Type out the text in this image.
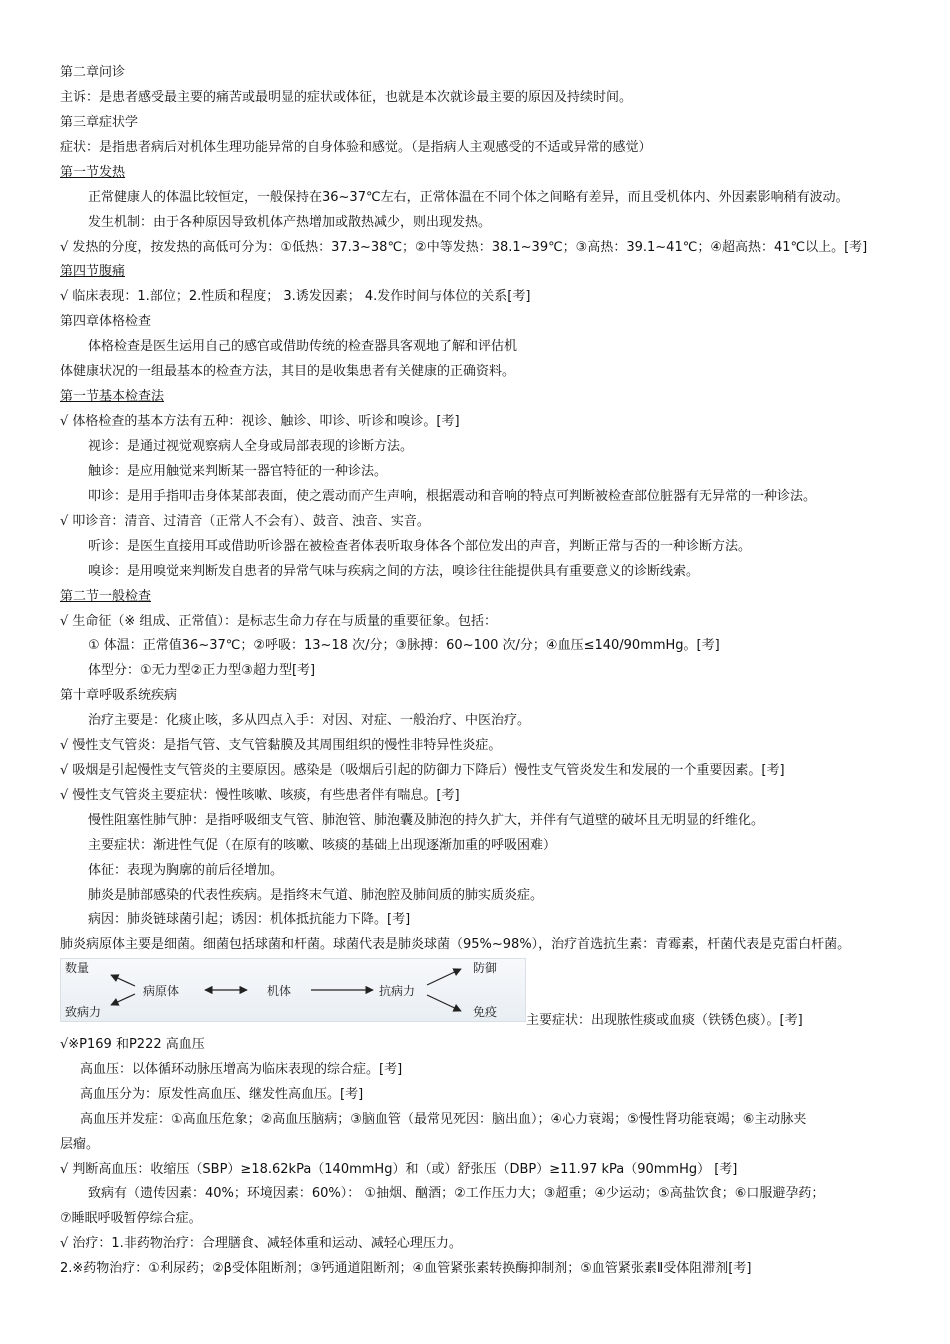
第二章问诊
主诉：是患者感受最主要的痛苦或最明显的症状或体征，也就是本次就诊最主要的原因及持续时间。
第三章症状学
症状：是指患者病后对机体生理功能异常的自身体验和感觉。（是指病人主观感受的不适或异常的感觉）
第一节发热
正常健康人的体温比较恒定，一般保持在36~37℃左右，正常体温在不同个体之间略有差异，而且受机体内、外因素影响稍有波动。
发生机制：由于各种原因导致机体产热增加或散热减少，则出现发热。
√ 发热的分度，按发热的高低可分为：①低热：37.3~38℃；②中等发热：38.1~39℃；③高热：39.1~41℃；④超高热：41℃以上。[考]
第四节腹痛
√ 临床表现：1.部位；2.性质和程度； 3.诱发因素； 4.发作时间与体位的关系[考]
第四章体格检查
体格检查是医生运用自己的感官或借助传统的检查器具客观地了解和评估机
体健康状况的一组最基本的检查方法，其目的是收集患者有关健康的正确资料。
第一节基本检查法
√ 体格检查的基本方法有五种：视诊、触诊、叩诊、听诊和嗅诊。[考]
视诊：是通过视觉观察病人全身或局部表现的诊断方法。
触诊：是应用触觉来判断某一器官特征的一种诊法。
叩诊：是用手指叩击身体某部表面，使之震动而产生声响，根据震动和音响的特点可判断被检查部位脏器有无异常的一种诊法。
√ 叩诊音：清音、过清音（正常人不会有）、鼓音、浊音、实音。
听诊：是医生直接用耳或借助听诊器在被检查者体表听取身体各个部位发出的声音，判断正常与否的一种诊断方法。
嗅诊：是用嗅觉来判断发自患者的异常气味与疾病之间的方法，嗅诊往往能提供具有重要意义的诊断线索。
第二节一般检查
√ 生命征（※ 组成、正常值）：是标志生命力存在与质量的重要征象。包括：
① 体温：正常值36~37℃；②呼吸：13~18 次/分；③脉搏：60~100 次/分；④血压≤140/90mmHg。[考]
体型分：①无力型②正力型③超力型[考]
第十章呼吸系统疾病
治疗主要是：化痰止咳，多从四点入手：对因、对症、一般治疗、中医治疗。
√ 慢性支气管炎：是指气管、支气管黏膜及其周围组织的慢性非特异性炎症。
√ 吸烟是引起慢性支气管炎的主要原因。感染是（吸烟后引起的防御力下降后）慢性支气管炎发生和发展的一个重要因素。[考]
√ 慢性支气管炎主要症状：慢性咳嗽、咳痰，有些患者伴有喘息。[考]
慢性阻塞性肺气肿：是指呼吸细支气管、肺泡管、肺泡囊及肺泡的持久扩大，并伴有气道壁的破坏且无明显的纤维化。
主要症状：渐进性气促（在原有的咳嗽、咳痰的基础上出现逐渐加重的呼吸困难）
体征：表现为胸廓的前后径增加。
肺炎是肺部感染的代表性疾病。是指终末气道、肺泡腔及肺间质的肺实质炎症。
病因：肺炎链球菌引起；诱因：机体抵抗能力下降。[考]
肺炎病原体主要是细菌。细菌包括球菌和杆菌。球菌代表是肺炎球菌（95%~98%），治疗首选抗生素：青霉素，杆菌代表是克雷白杆菌。
数量
致病力
病原体	机体	抗病力
防御
免疫
主要症状：出现脓性痰或血痰（铁锈色痰）。[考]
√※P169 和P222 高血压
高血压：以体循环动脉压增高为临床表现的综合症。[考]
高血压分为：原发性高血压、继发性高血压。[考]
高血压并发症：①高血压危象；②高血压脑病；③脑血管（最常见死因：脑出血）；④心力衰竭；⑤慢性肾功能衰竭；⑥主动脉夹
层瘤。
√ 判断高血压：收缩压（SBP）≥18.62kPa（140mmHg）和（或）舒张压（DBP）≥11.97 kPa（90mmHg） [考]
致病有（遗传因素：40%；环境因素：60%）： ①抽烟、酗酒；②工作压力大；③超重；④少运动；⑤高盐饮食；⑥口服避孕药；
⑦睡眠呼吸暂停综合症。
√ 治疗：1.非药物治疗：合理膳食、减轻体重和运动、减轻心理压力。
2.※药物治疗：①利尿药；②β受体阻断剂；③钙通道阻断剂；④血管紧张素转换酶抑制剂；⑤血管紧张素Ⅱ受体阻滞剂[考]
